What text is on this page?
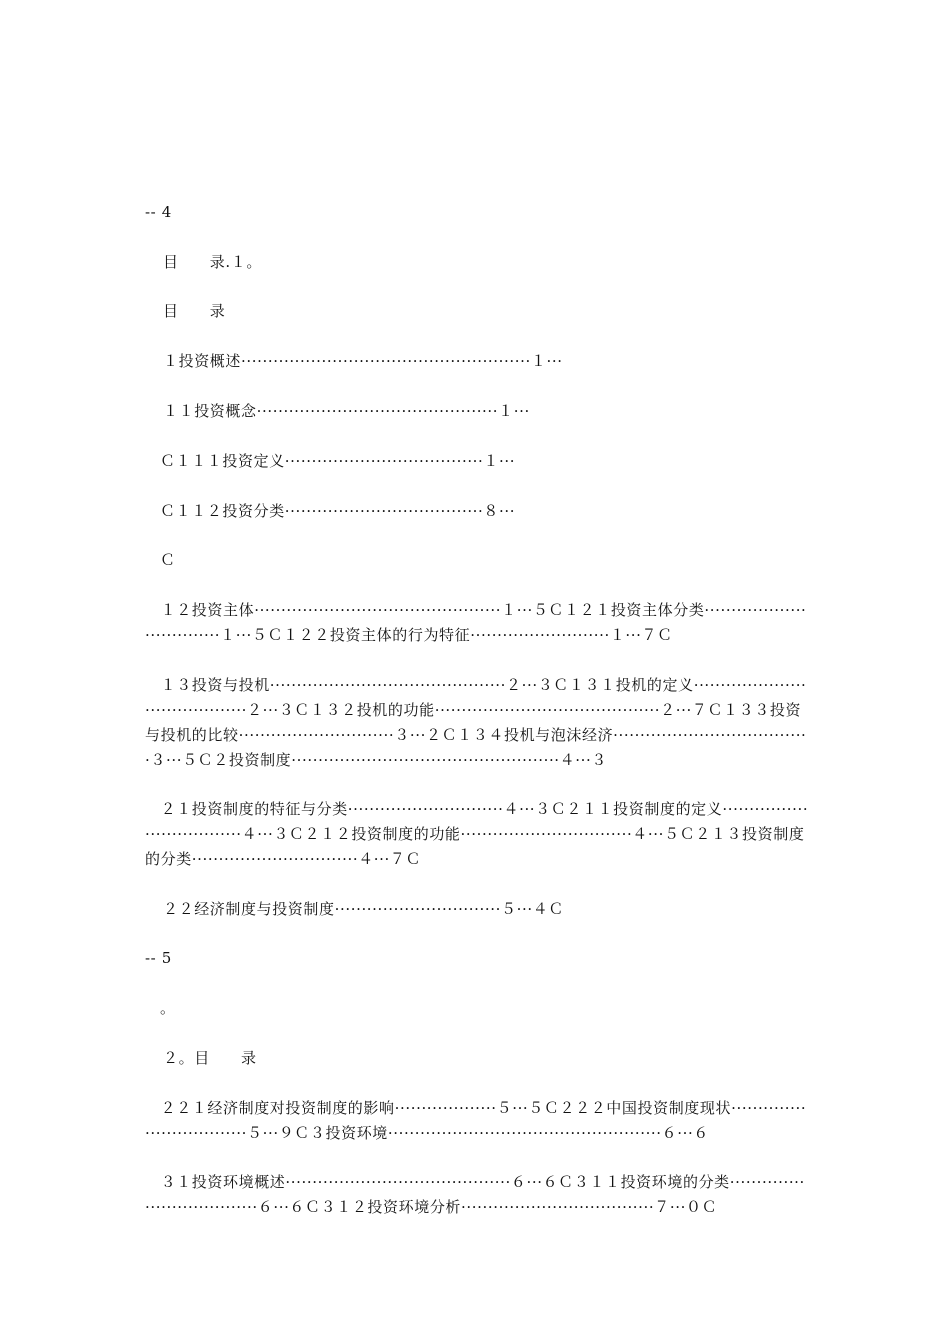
-- 4
目　　录.１。
目　　录
１投资概述······················································１···
１１投资概念·············································１···
Ｃ１１１投资定义·····································１···
Ｃ１１２投资分类·····································８···
Ｃ
　１２投资主体··············································１···５Ｃ１２１投资主体分类·································１···５Ｃ１２２投资主体的行为特征··························１···７Ｃ
　１３投资与投机············································２···３Ｃ１３１投机的定义········································２···３Ｃ１３２投机的功能··········································２···７Ｃ１３３投资与投机的比较·····························３···２Ｃ１３４投机与泡沫经济·····································３···５Ｃ２投资制度··················································４···３
　２１投资制度的特征与分类·····························４···３Ｃ２１１投资制度的定义··································４···３Ｃ２１２投资制度的功能································４···５Ｃ２１３投资制度的分类·······························４···７Ｃ
２２经济制度与投资制度·······························５···４Ｃ
-- 5
。
２。目　　录
　２２１经济制度对投资制度的影响···················５···５Ｃ２２２中国投资制度现状·································５···９Ｃ３投资环境···················································６···６
　３１投资环境概述··········································６···６Ｃ３１１投资环境的分类···································６···６Ｃ３１２投资环境分析····································７···０Ｃ
